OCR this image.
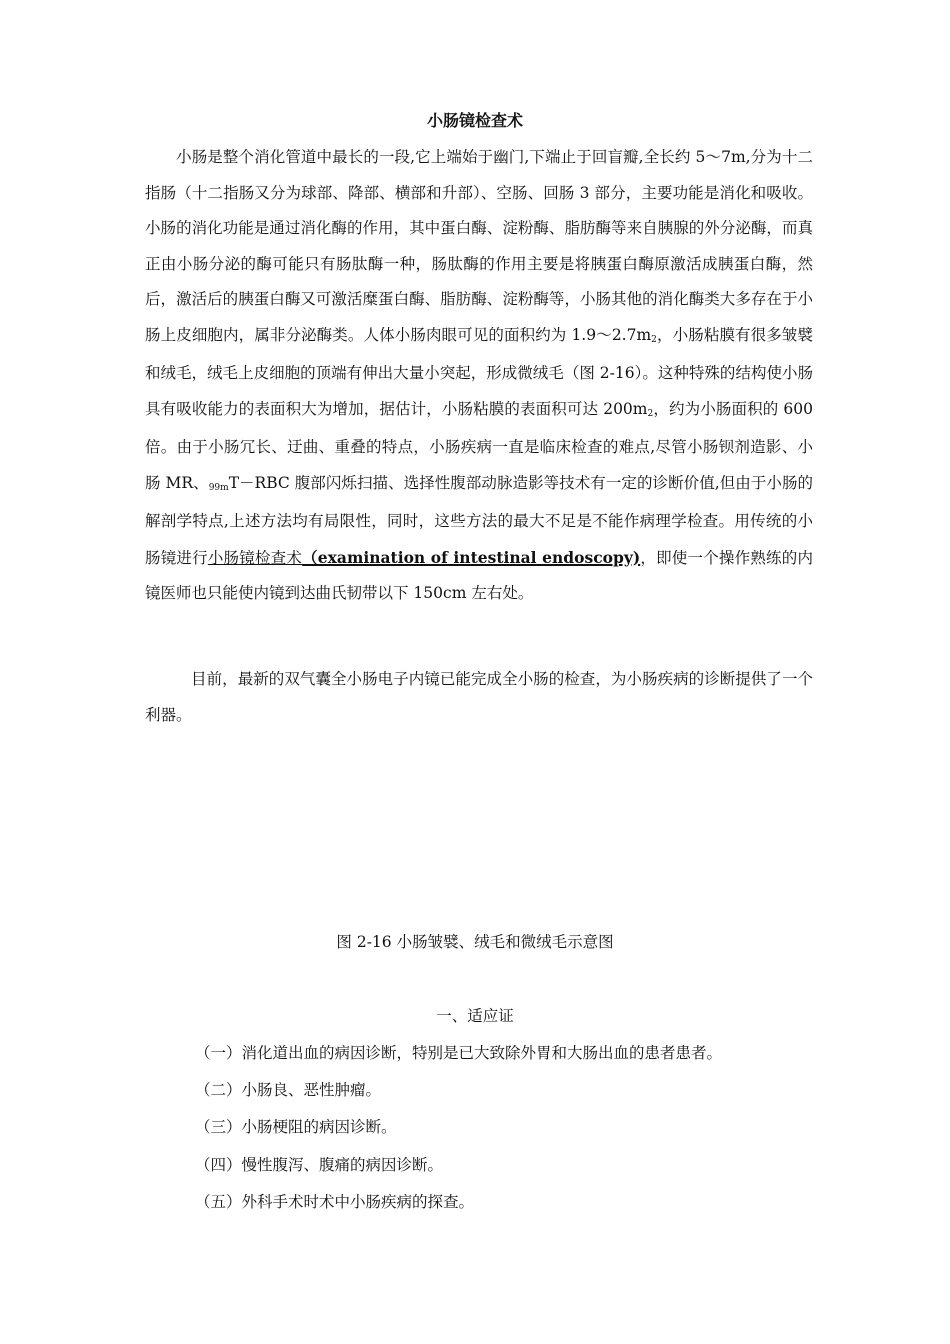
小肠镜检查术
小肠是整个消化管道中最长的一段,它上端始于幽门,下端止于回盲瓣,全长约 5～7m,分为十二指肠（十二指肠又分为球部、降部、横部和升部）、空肠、回肠 3 部分，主要功能是消化和吸收。小肠的消化功能是通过消化酶的作用，其中蛋白酶、淀粉酶、脂肪酶等来自胰腺的外分泌酶，而真正由小肠分泌的酶可能只有肠肽酶一种，肠肽酶的作用主要是将胰蛋白酶原激活成胰蛋白酶，然后，激活后的胰蛋白酶又可激活糜蛋白酶、脂肪酶、淀粉酶等，小肠其他的消化酶类大多存在于小肠上皮细胞内，属非分泌酶类。人体小肠肉眼可见的面积约为 $1.9\sim 2.7m_2$，小肠粘膜有很多皱襞和绒毛，绒毛上皮细胞的顶端有伸出大量小突起，形成微绒毛（图 2-16）。这种特殊的结构使小肠具有吸收能力的表面积大为增加，据估计，小肠粘膜的表面积可达 $200m_2$，约为小肠面积的 600 倍。由于小肠冗长、迂曲、重叠的特点，小肠疾病一直是临床检查的难点,尽管小肠钡剂造影、小肠 MR、$_{99m}$T－RBC 腹部闪烁扫描、选择性腹部动脉造影等技术有一定的诊断价值,但由于小肠的解剖学特点,上述方法均有局限性，同时，这些方法的最大不足是不能作病理学检查。用传统的小肠镜进行小肠镜检查术（examination of intestinal endoscopy)，即使一个操作熟练的内镜医师也只能使内镜到达曲氏韧带以下 150cm 左右处。
目前，最新的双气囊全小肠电子内镜已能完成全小肠的检查，为小肠疾病的诊断提供了一个利器。
图 2-16 小肠皱襞、绒毛和微绒毛示意图
一、适应证
（一）消化道出血的病因诊断，特别是已大致除外胃和大肠出血的患者患者。
（二）小肠良、恶性肿瘤。
（三）小肠梗阻的病因诊断。
（四）慢性腹泻、腹痛的病因诊断。
（五）外科手术时术中小肠疾病的探查。
